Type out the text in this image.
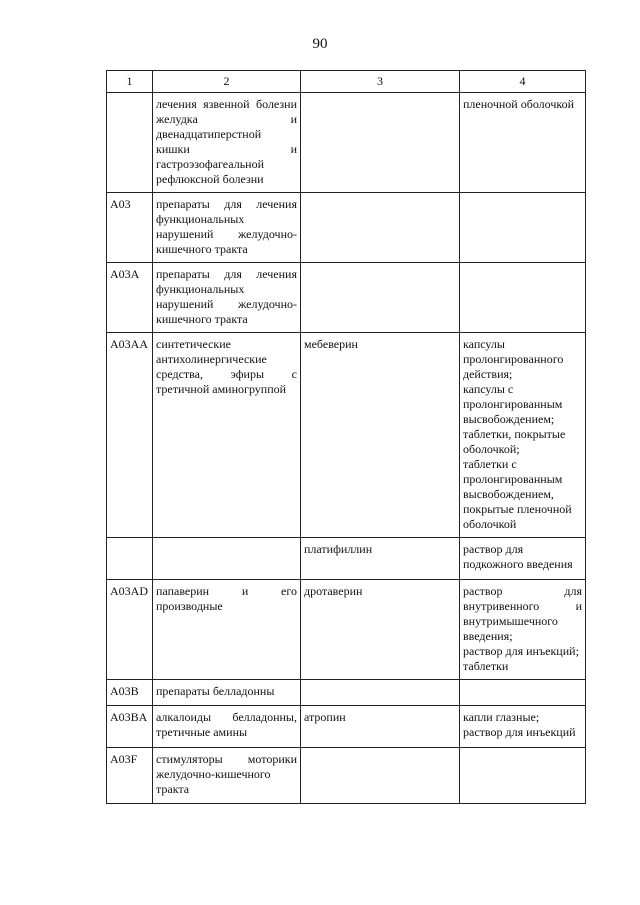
90
1	2	3	4
	лечения язвенной болезни желудка и двенадцатиперстной кишки и гастроэзофагеальной рефлюксной болезни		пленочной оболочкой
A03	препараты для лечения функциональных нарушений желудочно-кишечного тракта		
A03A	препараты для лечения функциональных нарушений желудочно-кишечного тракта		
A03AA	синтетические антихолинергические средства, эфиры с третичной аминогруппой	мебеверин	капсулы
пролонгированного действия;
капсулы с пролонгированным высвобождением;
таблетки, покрытые оболочкой;
таблетки с пролонгированным высвобождением, покрытые пленочной оболочкой
		платифиллин	раствор для подкожного введения
A03AD	папаверин и его производные	дротаверин	раствор для внутривенного и внутримышечного введения;
раствор для инъекций;
таблетки
A03B	препараты белладонны		
A03BA	алкалоиды белладонны, третичные амины	атропин	капли глазные;
раствор для инъекций
A03F	стимуляторы моторики желудочно-кишечного тракта		
